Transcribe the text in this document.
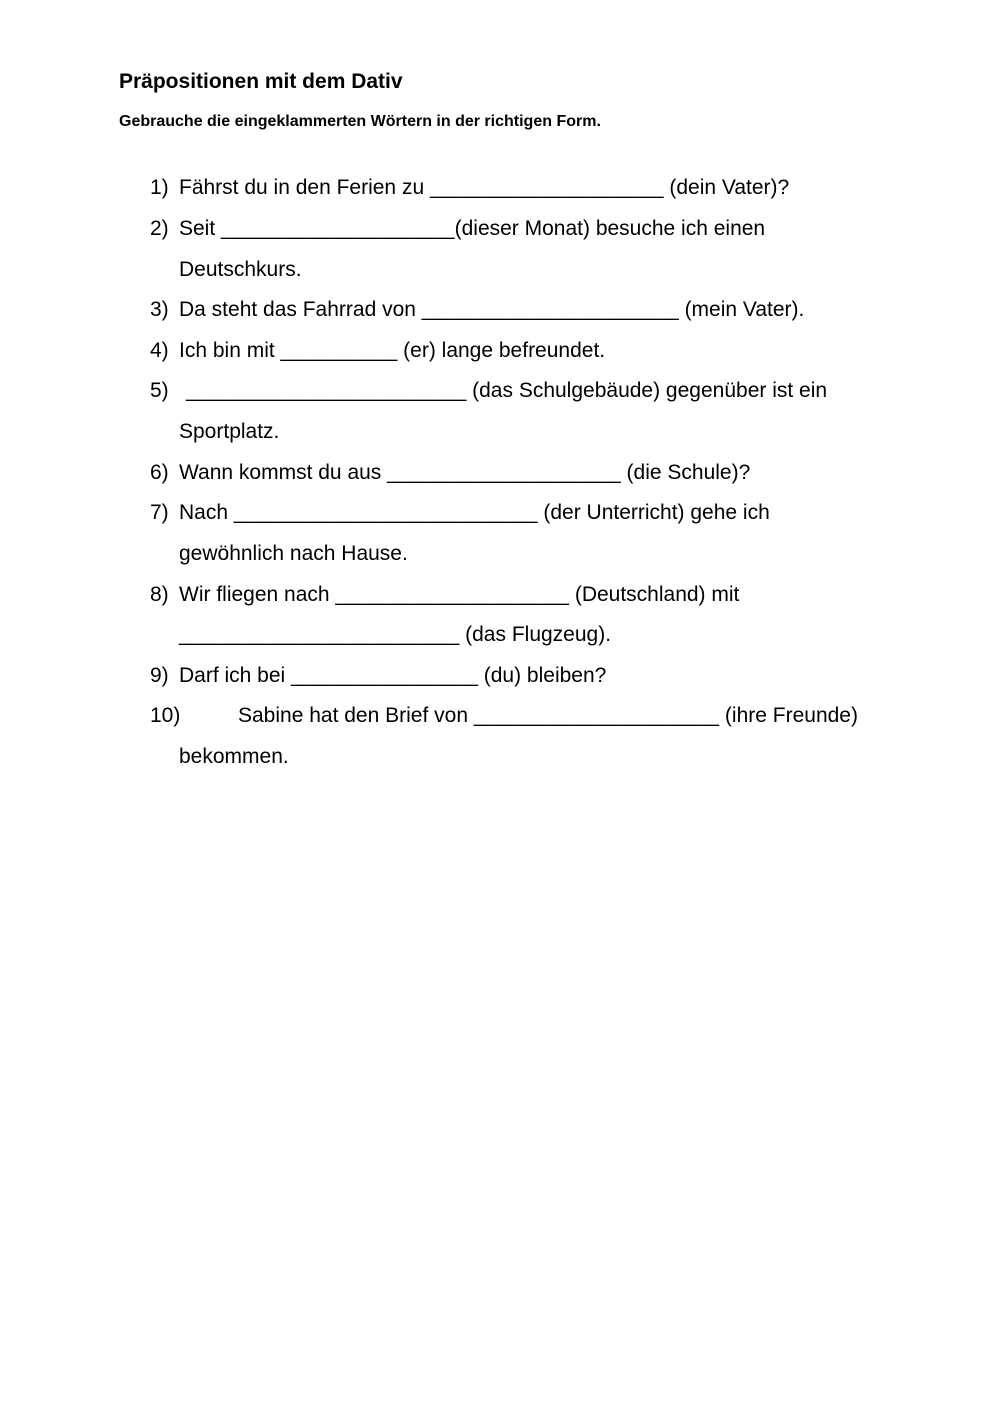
Präpositionen mit dem Dativ
Gebrauche die eingeklammerten Wörtern in der richtigen Form.
1) Fährst du in den Ferien zu ____________________ (dein Vater)?
2) Seit ____________________(dieser Monat) besuche ich einen
Deutschkurs.
3) Da steht das Fahrrad von ______________________ (mein Vater).
4) Ich bin mit __________ (er) lange befreundet.
5) ________________________ (das Schulgebäude) gegenüber ist ein
Sportplatz.
6) Wann kommst du aus ____________________ (die Schule)?
7) Nach __________________________ (der Unterricht) gehe ich
gewöhnlich nach Hause.
8) Wir fliegen nach ____________________ (Deutschland) mit
________________________ (das Flugzeug).
9) Darf ich bei ________________ (du) bleiben?
10)	Sabine hat den Brief von _____________________ (ihre Freunde)
bekommen.
